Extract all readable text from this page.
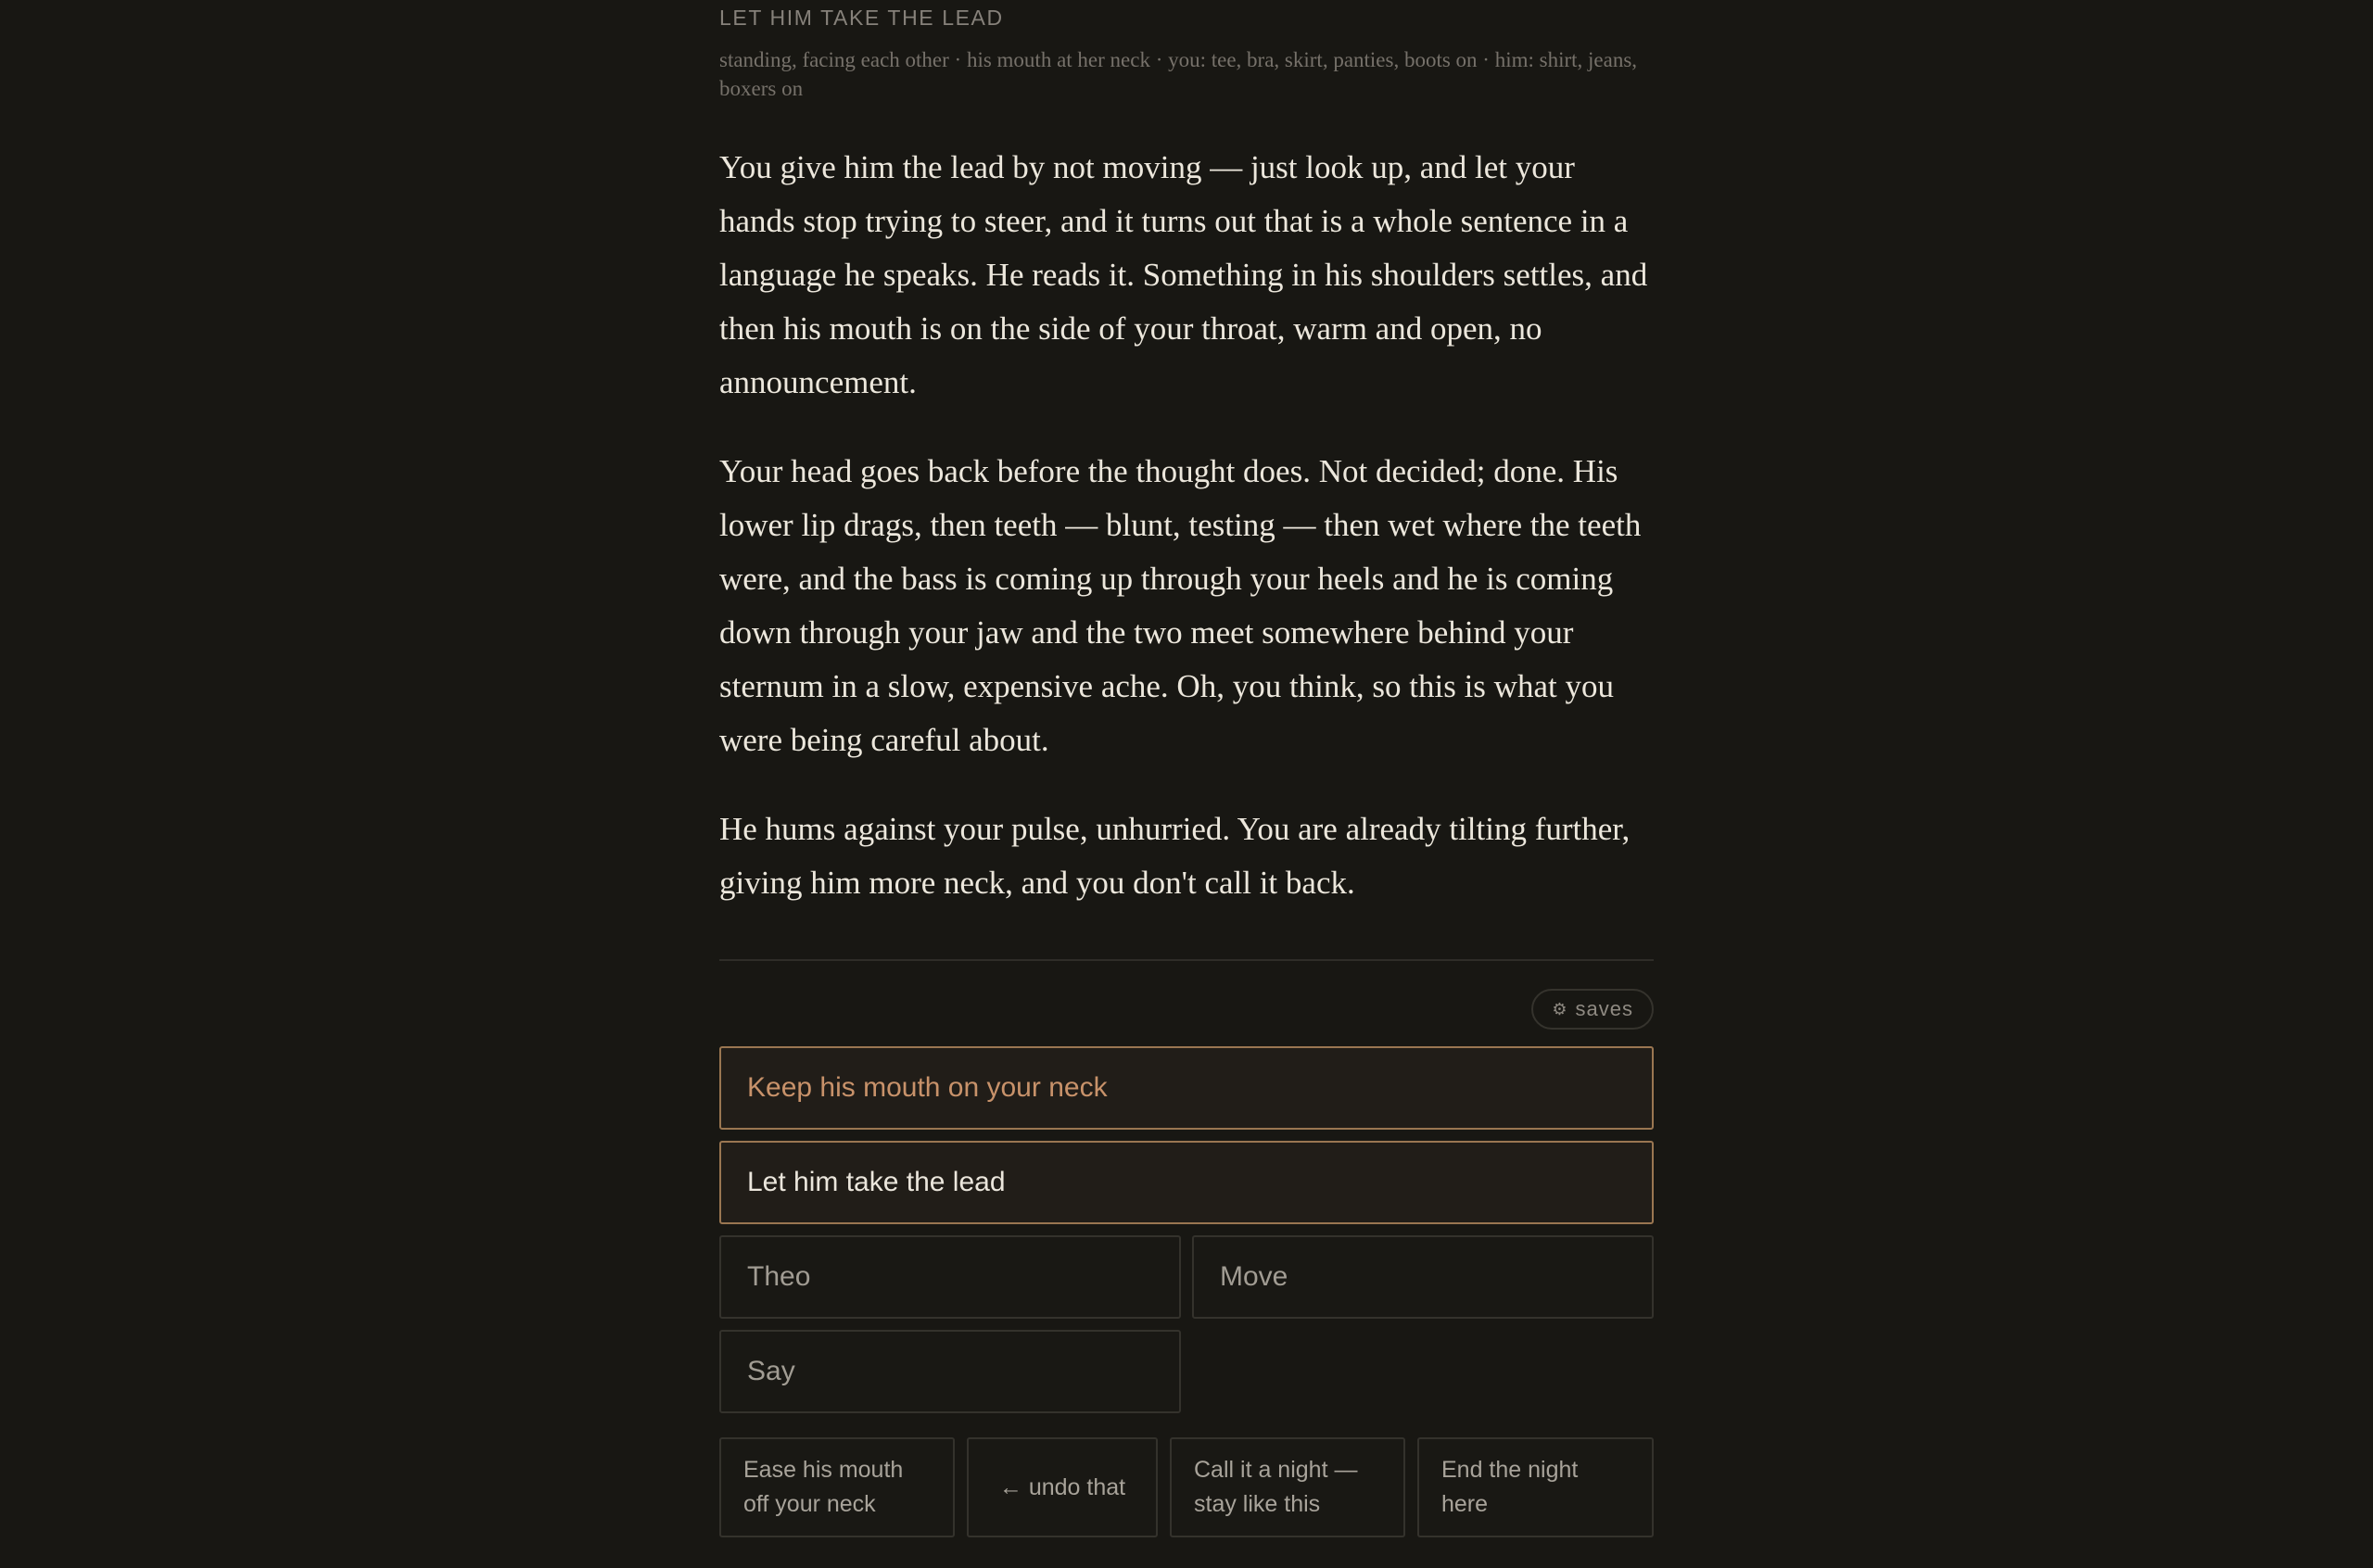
LET HIM TAKE THE LEAD
standing, facing each other · his mouth at her neck · you: tee, bra, skirt, panties, boots on · him: shirt, jeans, boxers on

You give him the lead by not moving — just look up, and let your hands stop trying to steer, and it turns out that is a whole sentence in a language he speaks. He reads it. Something in his shoulders settles, and then his mouth is on the side of your throat, warm and open, no announcement.

Your head goes back before the thought does. Not decided; done. His lower lip drags, then teeth — blunt, testing — then wet where the teeth were, and the bass is coming up through your heels and he is coming down through your jaw and the two meet somewhere behind your sternum in a slow, expensive ache. Oh, you think, so this is what you were being careful about.

He hums against your pulse, unhurried. You are already tilting further, giving him more neck, and you don't call it back.

⚙ saves
Keep his mouth on your neck
Let him take the lead
Theo	Move
Say
Ease his mouth off your neck
← undo that
Call it a night — stay like this
End the night here
